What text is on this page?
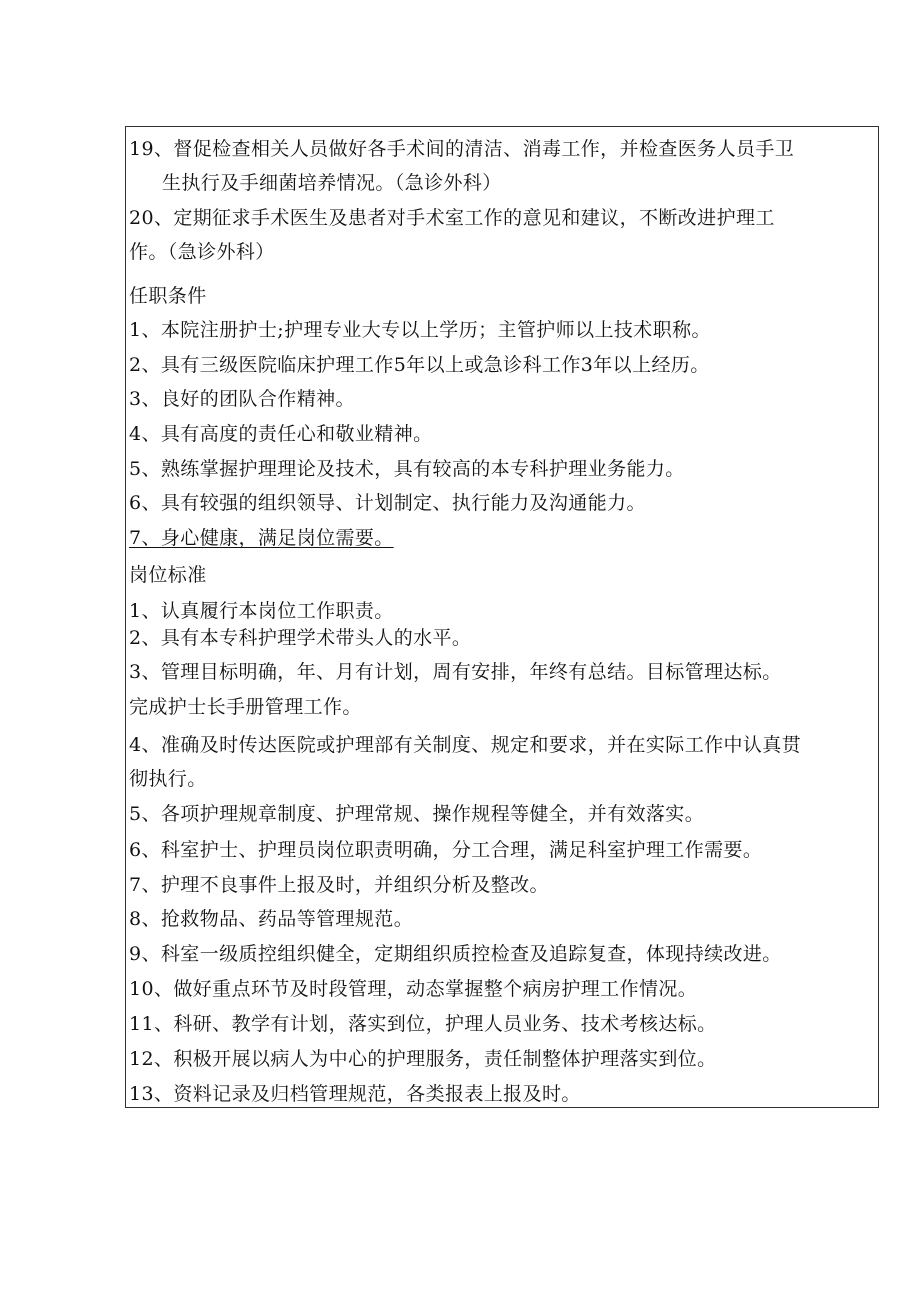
19、督促检查相关人员做好各手术间的清洁、消毒工作，并检查医务人员手卫
生执行及手细菌培养情况。（急诊外科）
20、定期征求手术医生及患者对手术室工作的意见和建议，不断改进护理工
作。（急诊外科）
任职条件
1、本院注册护士;护理专业大专以上学历；主管护师以上技术职称。
2、具有三级医院临床护理工作5年以上或急诊科工作3年以上经历。
3、良好的团队合作精神。
4、具有高度的责任心和敬业精神。
5、熟练掌握护理理论及技术，具有较高的本专科护理业务能力。
6、具有较强的组织领导、计划制定、执行能力及沟通能力。
7、身心健康，满足岗位需要。
岗位标准
1、认真履行本岗位工作职责。
2、具有本专科护理学术带头人的水平。
3、管理目标明确，年、月有计划，周有安排，年终有总结。目标管理达标。
完成护士长手册管理工作。
4、准确及时传达医院或护理部有关制度、规定和要求，并在实际工作中认真贯
彻执行。
5、各项护理规章制度、护理常规、操作规程等健全，并有效落实。
6、科室护士、护理员岗位职责明确，分工合理，满足科室护理工作需要。
7、护理不良事件上报及时，并组织分析及整改。
8、抢救物品、药品等管理规范。
9、科室一级质控组织健全，定期组织质控检查及追踪复查，体现持续改进。
10、做好重点环节及时段管理，动态掌握整个病房护理工作情况。
11、科研、教学有计划，落实到位，护理人员业务、技术考核达标。
12、积极开展以病人为中心的护理服务，责任制整体护理落实到位。
13、资料记录及归档管理规范，各类报表上报及时。
